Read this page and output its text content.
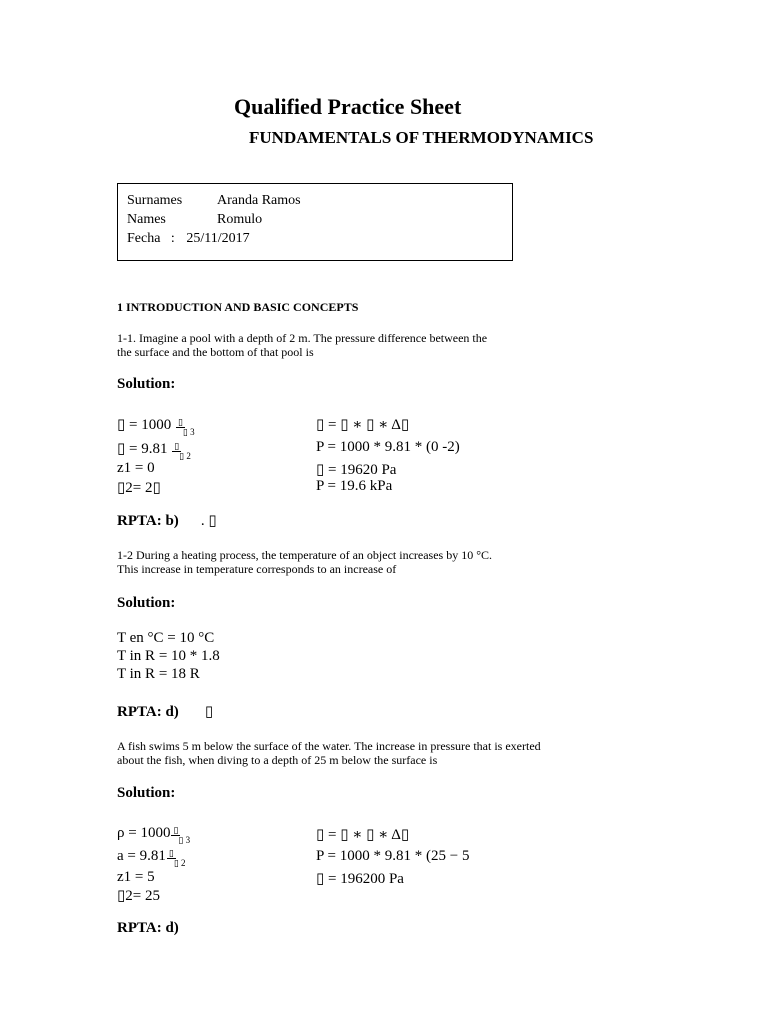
Qualified Practice Sheet
FUNDAMENTALS OF THERMODYNAMICS
Surnames Aranda Ramos
Names	Romulo
Fecha   : 25/11/2017
1 INTRODUCTION AND BASIC CONCEPTS
1-1. Imagine a pool with a depth of 2 m. The pressure difference between the
the surface and the bottom of that pool is
Solution:
▯ = 1000 ▯▯ 3
▯ = 9.81 ▯▯ 2
z1 = 0
▯2= 2▯
▯ = ▯ ∗ ▯ ∗ Δ▯
P = 1000 * 9.81 * (0 -2)
▯ = 19620 Pa
P = 19.6 kPa
RPTA: b) . ▯
1-2 During a heating process, the temperature of an object increases by 10 °C.
This increase in temperature corresponds to an increase of
Solution:
T en °C = 10 °C
T in R = 10 * 1.8
T in R = 18 R
RPTA: d) ▯
A fish swims 5 m below the surface of the water. The increase in pressure that is exerted
about the fish, when diving to a depth of 25 m below the surface is
Solution:
ρ = 1000 ▯▯ 3
a = 9.81 ▯▯ 2
z1 = 5
▯2= 25
▯ = ▯ ∗ ▯ ∗ Δ▯
P = 1000 * 9.81 * (25 − 5
▯ = 196200 Pa
RPTA: d)
